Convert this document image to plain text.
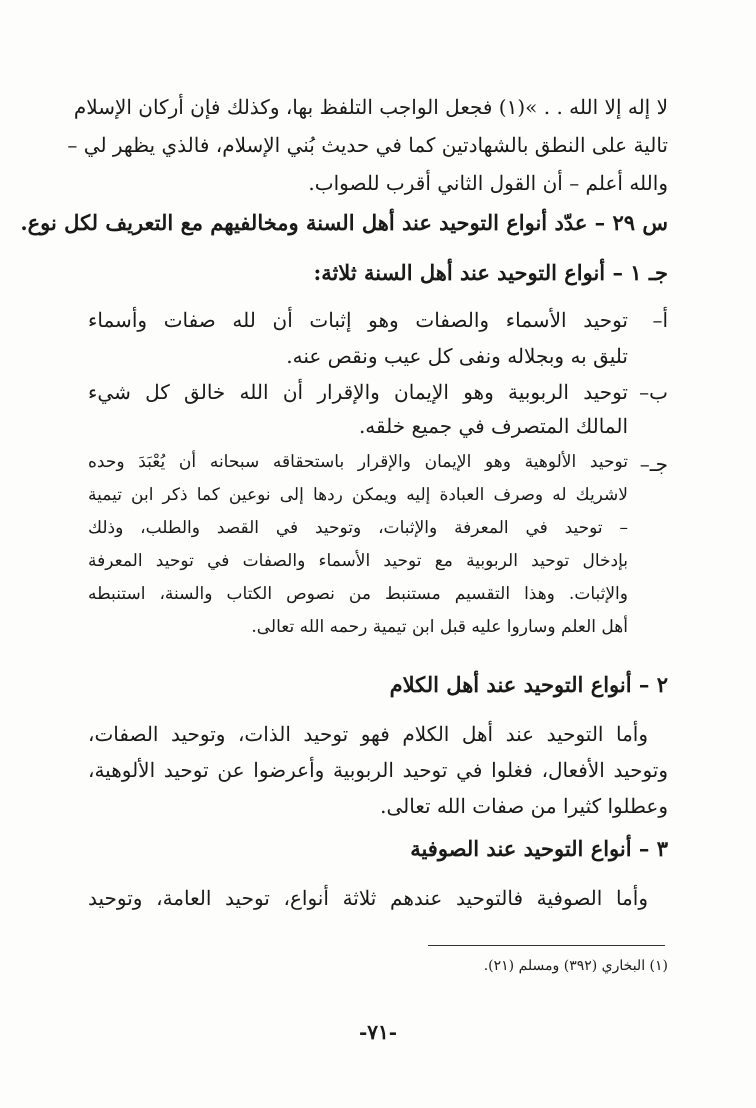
لا إله إلا الله . . »(١) فجعل الواجب التلفظ بها، وكذلك فإن أركان الإسلام
تالية على النطق بالشهادتين كما في حديث بُني الإسلام، فالذي يظهر لي –
والله أعلم – أن القول الثاني أقرب للصواب.
س ٢٩ – عدّد أنواع التوحيد عند أهل السنة ومخالفيهم مع التعريف لكل نوع.
جـ ١ – أنواع التوحيد عند أهل السنة ثلاثة:
أ–
توحيد الأسماء والصفات وهو إثبات أن لله صفات وأسماء
تليق به وبجلاله ونفى كل عيب ونقص عنه.
ب–
توحيد الربوبية وهو الإيمان والإقرار أن الله خالق كل شيء
المالك المتصرف في جميع خلقه.
جـ–
توحيد الألوهية وهو الإيمان والإقرار باستحقاقه سبحانه أن يُعْبَدَ وحده
لاشريك له وصرف العبادة إليه ويمكن ردها إلى نوعين كما ذكر ابن تيمية
– توحيد في المعرفة والإثبات، وتوحيد في القصد والطلب، وذلك
بإدخال توحيد الربوبية مع توحيد الأسماء والصفات في توحيد المعرفة
والإثبات. وهذا التقسيم مستنبط من نصوص الكتاب والسنة، استنبطه
أهل العلم وساروا عليه قبل ابن تيمية رحمه الله تعالى.
٢ – أنواع التوحيد عند أهل الكلام
وأما التوحيد عند أهل الكلام فهو توحيد الذات، وتوحيد الصفات،
وتوحيد الأفعال، فغلوا في توحيد الربوبية وأعرضوا عن توحيد الألوهية،
وعطلوا كثيرا من صفات الله تعالى.
٣ – أنواع التوحيد عند الصوفية
وأما الصوفية فالتوحيد عندهم ثلاثة أنواع، توحيد العامة، وتوحيد
(١) البخاري (٣٩٢) ومسلم (٢١).
-٧١-
